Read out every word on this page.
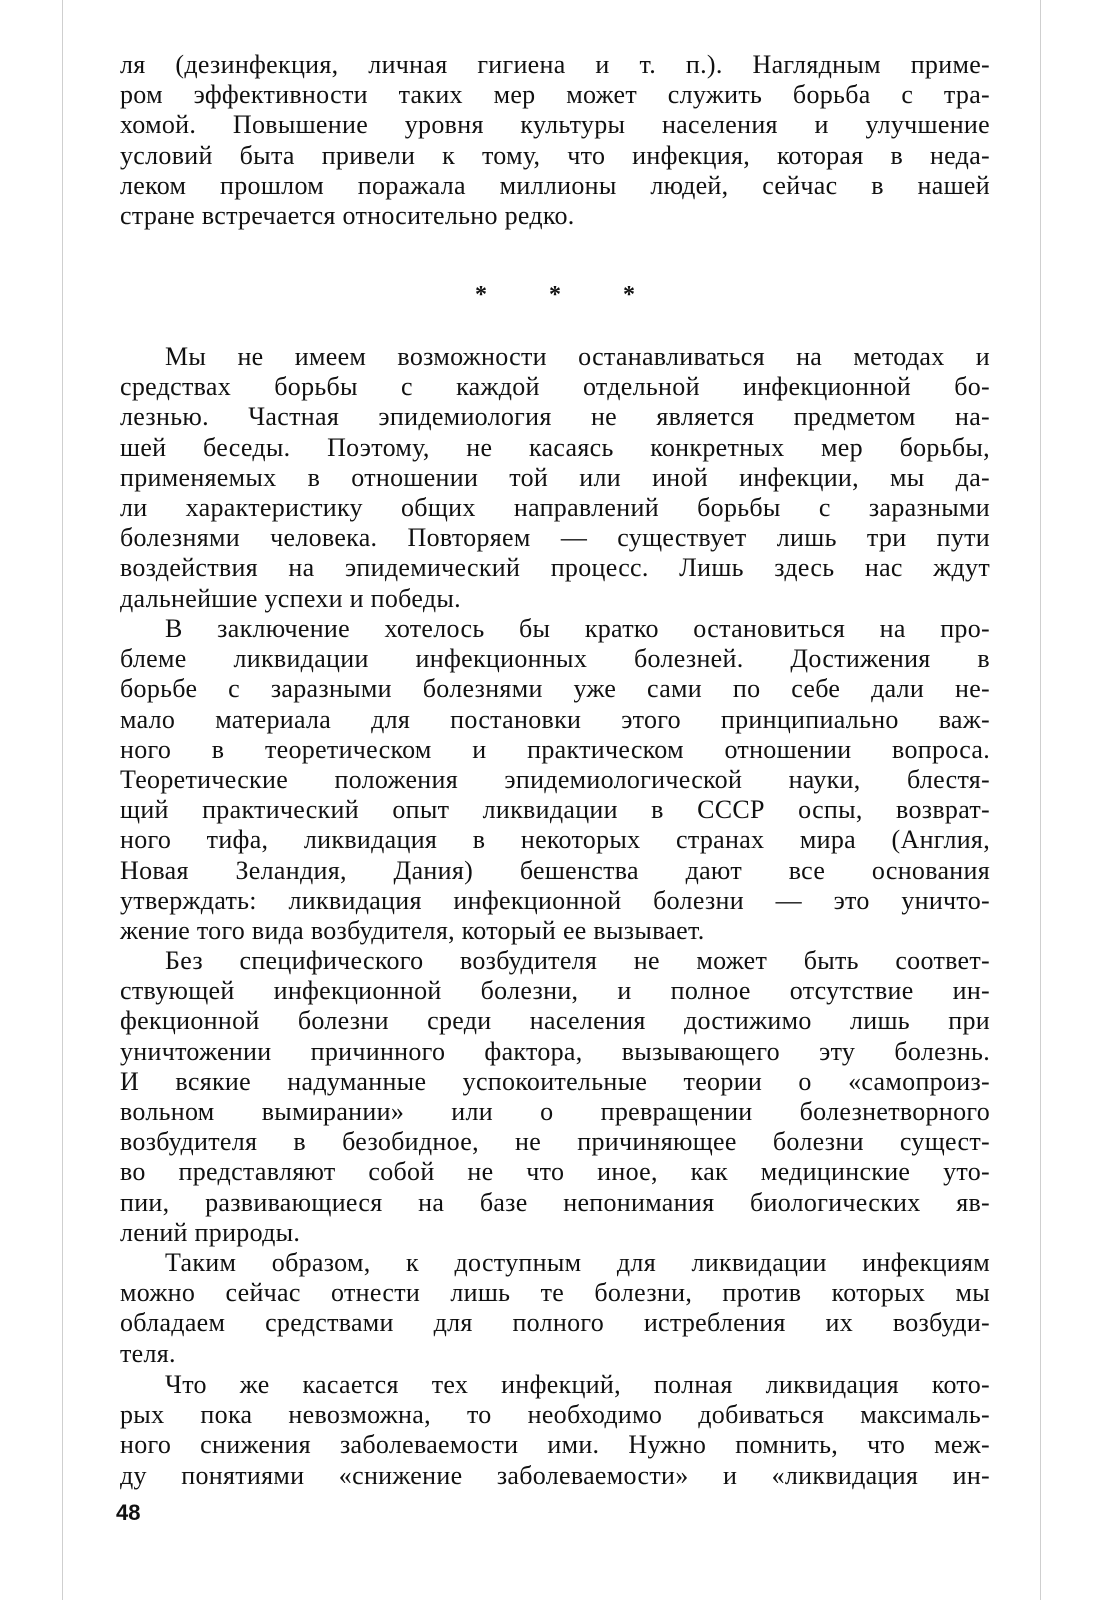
ля (дезинфекция, личная гигиена и т. п.). Наглядным приме-
ром эффективности таких мер может служить борьба с тра-
хомой. Повышение уровня культуры населения и улучшение
условий быта привели к тому, что инфекция, которая в неда-
леком прошлом поражала миллионы людей, сейчас в нашей
стране встречается относительно редко.
*	*	*
Мы не имеем возможности останавливаться на методах и
средствах борьбы с каждой отдельной инфекционной бо-
лезнью. Частная эпидемиология не является предметом на-
шей беседы. Поэтому, не касаясь конкретных мер борьбы,
применяемых в отношении той или иной инфекции, мы да-
ли характеристику общих направлений борьбы с заразными
болезнями человека. Повторяем — существует лишь три пути
воздействия на эпидемический процесс. Лишь здесь нас ждут
дальнейшие успехи и победы.
В заключение хотелось бы кратко остановиться на про-
блеме ликвидации инфекционных болезней. Достижения в
борьбе с заразными болезнями уже сами по себе дали не-
мало материала для постановки этого принципиально важ-
ного в теоретическом и практическом отношении вопроса.
Теоретические положения эпидемиологической науки, блестя-
щий практический опыт ликвидации в СССР оспы, возврат-
ного тифа, ликвидация в некоторых странах мира (Англия,
Новая Зеландия, Дания) бешенства дают все основания
утверждать: ликвидация инфекционной болезни — это уничто-
жение того вида возбудителя, который ее вызывает.
Без специфического возбудителя не может быть соответ-
ствующей инфекционной болезни, и полное отсутствие ин-
фекционной болезни среди населения достижимо лишь при
уничтожении причинного фактора, вызывающего эту болезнь.
И всякие надуманные успокоительные теории о «самопроиз-
вольном вымирании» или о превращении болезнетворного
возбудителя в безобидное, не причиняющее болезни сущест-
во представляют собой не что иное, как медицинские уто-
пии, развивающиеся на базе непонимания биологических яв-
лений природы.
Таким образом, к доступным для ликвидации инфекциям
можно сейчас отнести лишь те болезни, против которых мы
обладаем средствами для полного истребления их возбуди-
теля.
Что же касается тех инфекций, полная ликвидация кото-
рых пока невозможна, то необходимо добиваться максималь-
ного снижения заболеваемости ими. Нужно помнить, что меж-
ду понятиями «снижение заболеваемости» и «ликвидация ин-
48
